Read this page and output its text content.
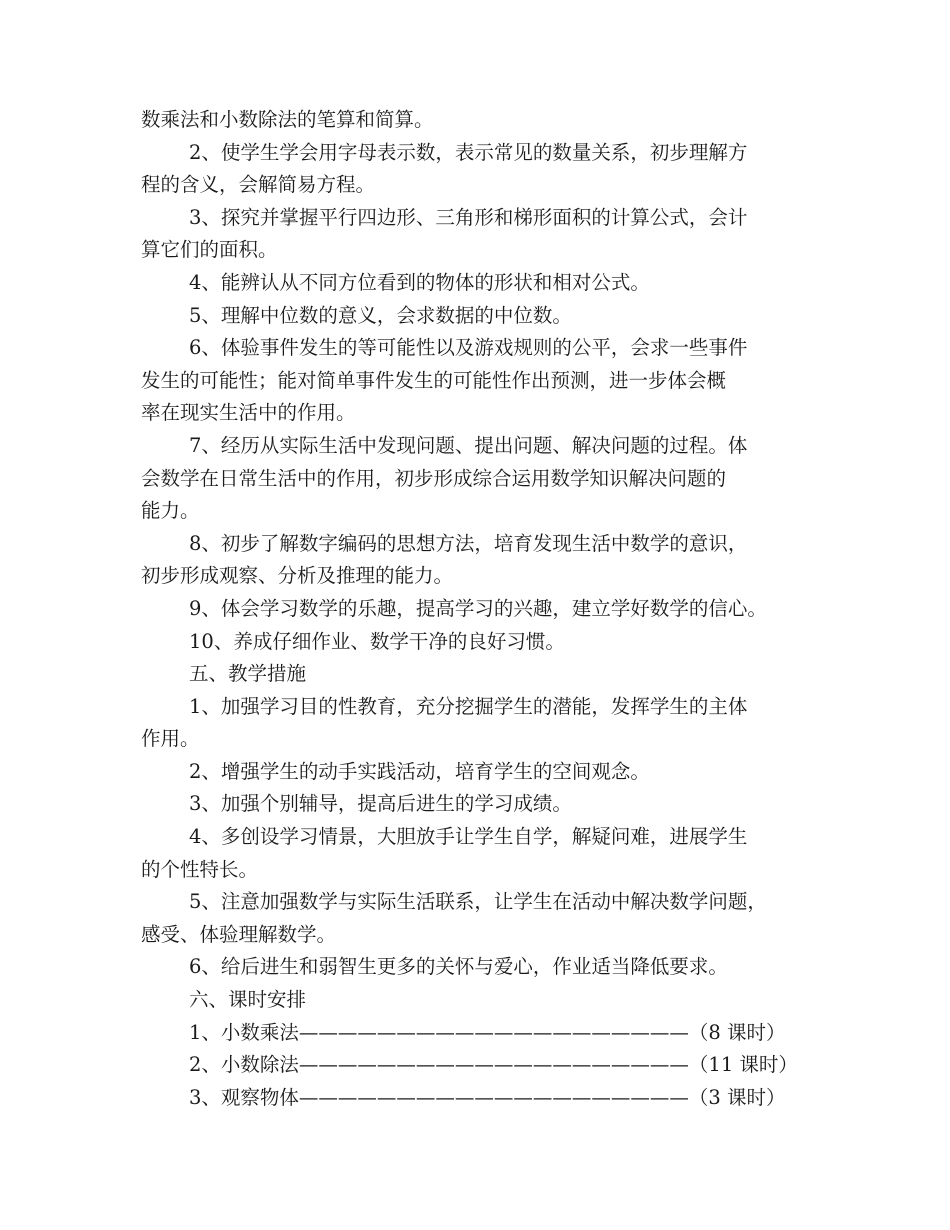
数乘法和小数除法的笔算和简算。
2、使学生学会用字母表示数，表示常见的数量关系，初步理解方
程的含义，会解简易方程。
3、探究并掌握平行四边形、三角形和梯形面积的计算公式，会计
算它们的面积。
4、能辨认从不同方位看到的物体的形状和相对公式。
5、理解中位数的意义，会求数据的中位数。
6、体验事件发生的等可能性以及游戏规则的公平，会求一些事件
发生的可能性；能对简单事件发生的可能性作出预测，进一步体会概
率在现实生活中的作用。
7、经历从实际生活中发现问题、提出问题、解决问题的过程。体
会数学在日常生活中的作用，初步形成综合运用数学知识解决问题的
能力。
8、初步了解数字编码的思想方法，培育发现生活中数学的意识，
初步形成观察、分析及推理的能力。
9、体会学习数学的乐趣，提高学习的兴趣，建立学好数学的信心。
10、养成仔细作业、数学干净的良好习惯。
五、教学措施
1、加强学习目的性教育，充分挖掘学生的潜能，发挥学生的主体
作用。
2、增强学生的动手实践活动，培育学生的空间观念。
3、加强个别辅导，提高后进生的学习成绩。
4、多创设学习情景，大胆放手让学生自学，解疑问难，进展学生
的个性特长。
5、注意加强数学与实际生活联系，让学生在活动中解决数学问题，
感受、体验理解数学。
6、给后进生和弱智生更多的关怀与爱心，作业适当降低要求。
六、课时安排
1、小数乘法 ———————————————————— （8 课时）
2、小数除法 ———————————————————— （11 课时）
3、观察物体 ———————————————————— （3 课时）
